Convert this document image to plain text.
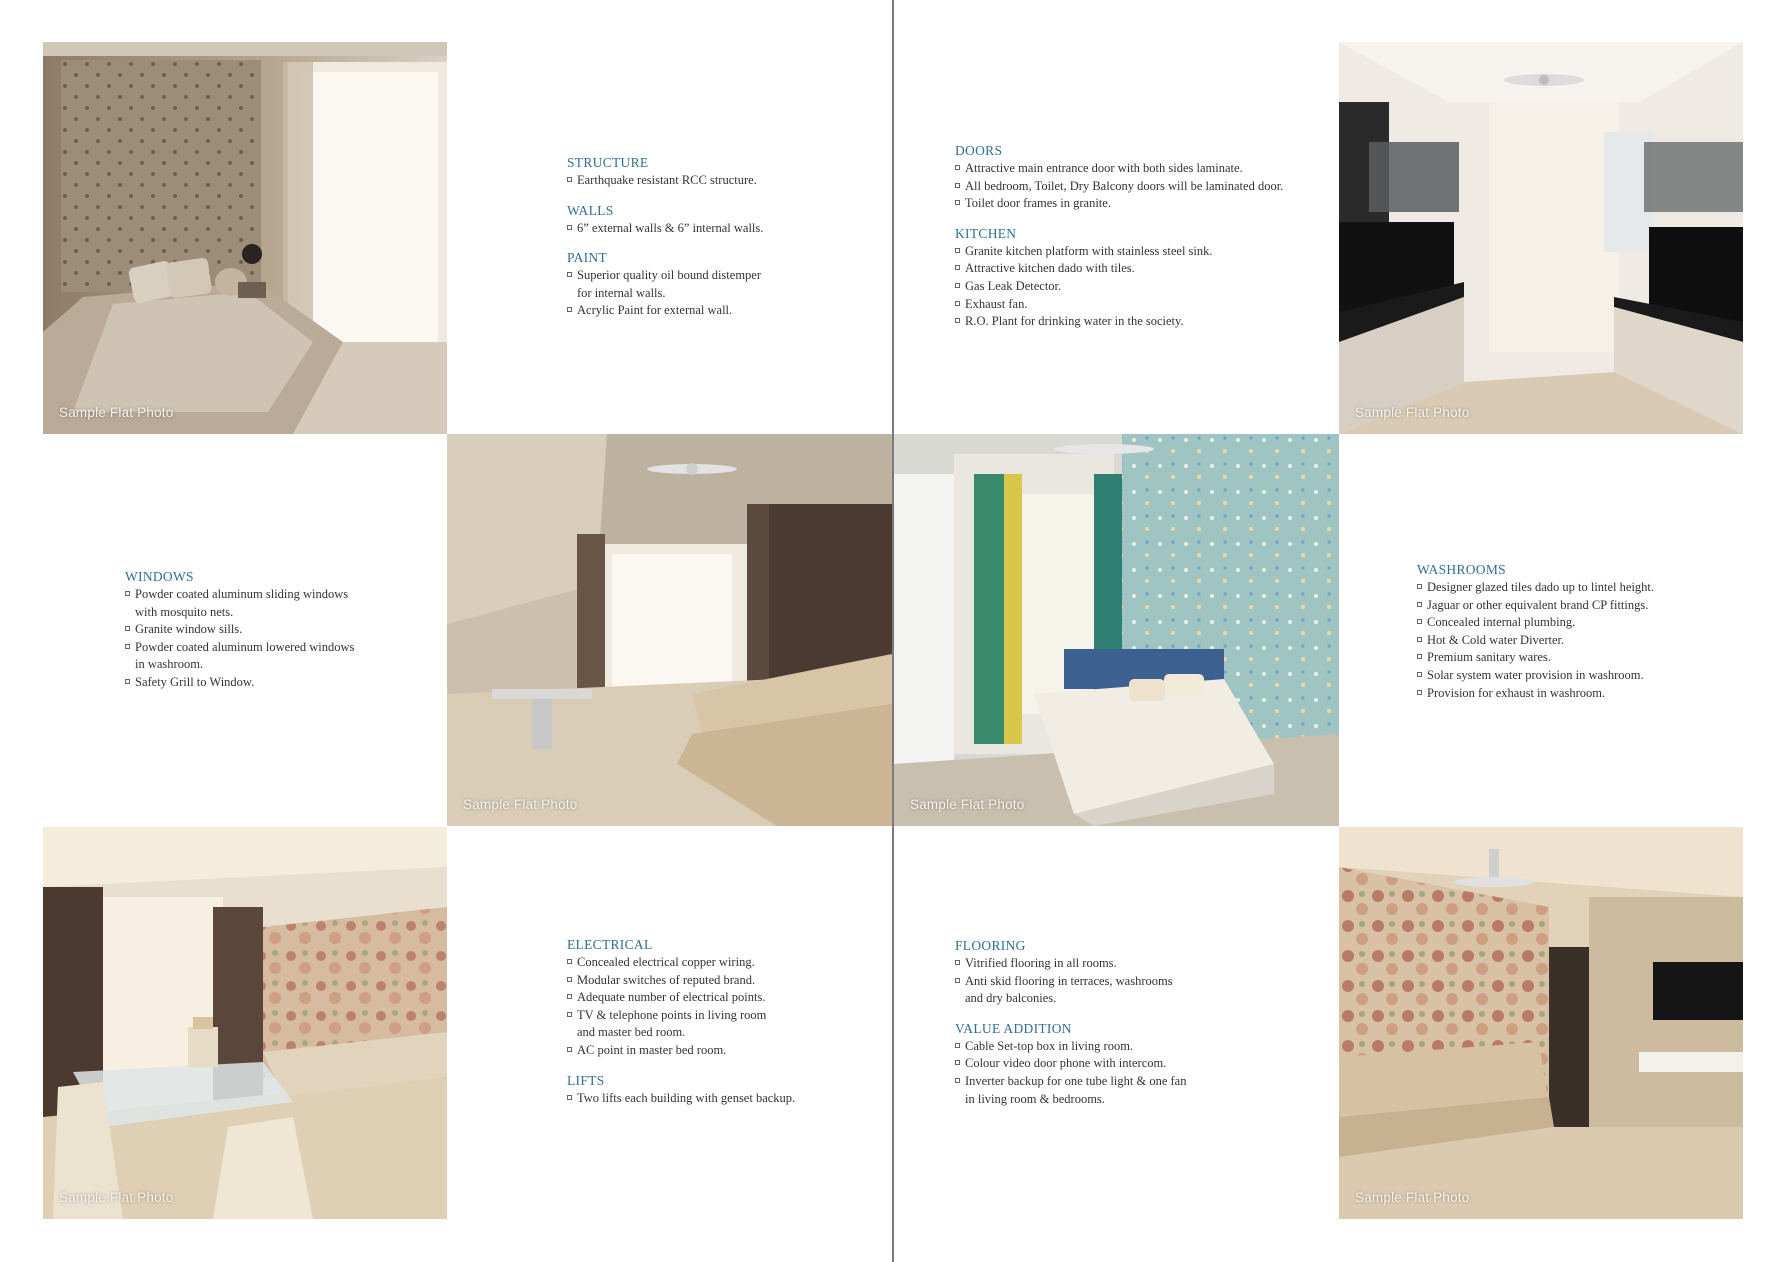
Sample Flat Photo	Sample Flat Photo
Sample Flat Photo	Sample Flat Photo
Sample Flat Photo	Sample Flat Photo
STRUCTURE
Earthquake resistant RCC structure.
WALLS
6” external walls & 6” internal walls.
PAINT
Superior quality oil bound distemper
for internal walls.
Acrylic Paint for external wall.
DOORS
Attractive main entrance door with both sides laminate.
All bedroom, Toilet, Dry Balcony doors will be laminated door.
Toilet door frames in granite.
KITCHEN
Granite kitchen platform with stainless steel sink.
Attractive kitchen dado with tiles.
Gas Leak Detector.
Exhaust fan.
R.O. Plant for drinking water in the society.
WINDOWS
Powder coated aluminum sliding windows
with mosquito nets.
Granite window sills.
Powder coated aluminum lowered windows
in washroom.
Safety Grill to Window.
WASHROOMS
Designer glazed tiles dado up to lintel height.
Jaguar or other equivalent brand CP fittings.
Concealed internal plumbing.
Hot & Cold water Diverter.
Premium sanitary wares.
Solar system water provision in washroom.
Provision for exhaust in washroom.
ELECTRICAL
Concealed electrical copper wiring.
Modular switches of reputed brand.
Adequate number of electrical points.
TV & telephone points in living room
and master bed room.
AC point in master bed room.
LIFTS
Two lifts each building with genset backup.
FLOORING
Vitrified flooring in all rooms.
Anti skid flooring in terraces, washrooms
and dry balconies.
VALUE ADDITION
Cable Set-top box in living room.
Colour video door phone with intercom.
Inverter backup for one tube light & one fan
in living room & bedrooms.
